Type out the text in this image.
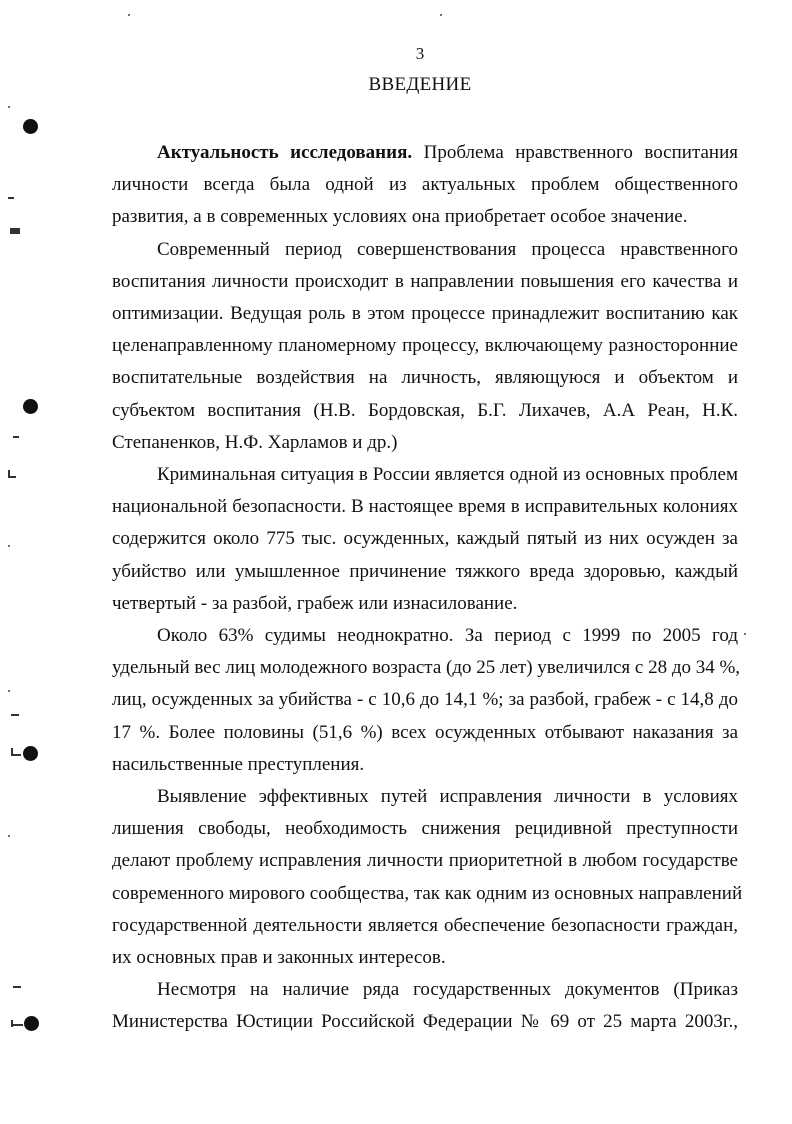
3
ВВЕДЕНИЕ
Актуальность исследования. Проблема нравственного воспитания
личности всегда была одной из актуальных проблем общественного
развития, а в современных условиях она приобретает особое значение.
Современный период совершенствования процесса нравственного
воспитания личности происходит в направлении повышения его качества и
оптимизации. Ведущая роль в этом процессе принадлежит воспитанию как
целенаправленному планомерному процессу, включающему разносторонние
воспитательные воздействия на личность, являющуюся и объектом и
субъектом воспитания (Н.В. Бордовская, Б.Г. Лихачев, А.А Реан, Н.К.
Степаненков, Н.Ф. Харламов и др.)
Криминальная ситуация в России является одной из основных проблем
национальной безопасности. В настоящее время в исправительных колониях
содержится около 775 тыс. осужденных, каждый пятый из них осужден за
убийство или умышленное причинение тяжкого вреда здоровью, каждый
четвертый - за разбой, грабеж или изнасилование.
Около 63% судимы неоднократно. За период с 1999 по 2005 год
удельный вес лиц молодежного возраста (до 25 лет) увеличился с 28 до 34 %,
лиц, осужденных за убийства - с 10,6 до 14,1 %; за разбой, грабеж - с 14,8 до
17 %. Более половины (51,6 %) всех осужденных отбывают наказания за
насильственные преступления.
Выявление эффективных путей исправления личности в условиях
лишения свободы, необходимость снижения рецидивной преступности
делают проблему исправления личности приоритетной в любом государстве
современного мирового сообщества, так как одним из основных направлений
государственной деятельности является обеспечение безопасности граждан,
их основных прав и законных интересов.
Несмотря на наличие ряда государственных документов (Приказ
Министерства Юстиции Российской Федерации № 69 от 25 марта 2003г.,
